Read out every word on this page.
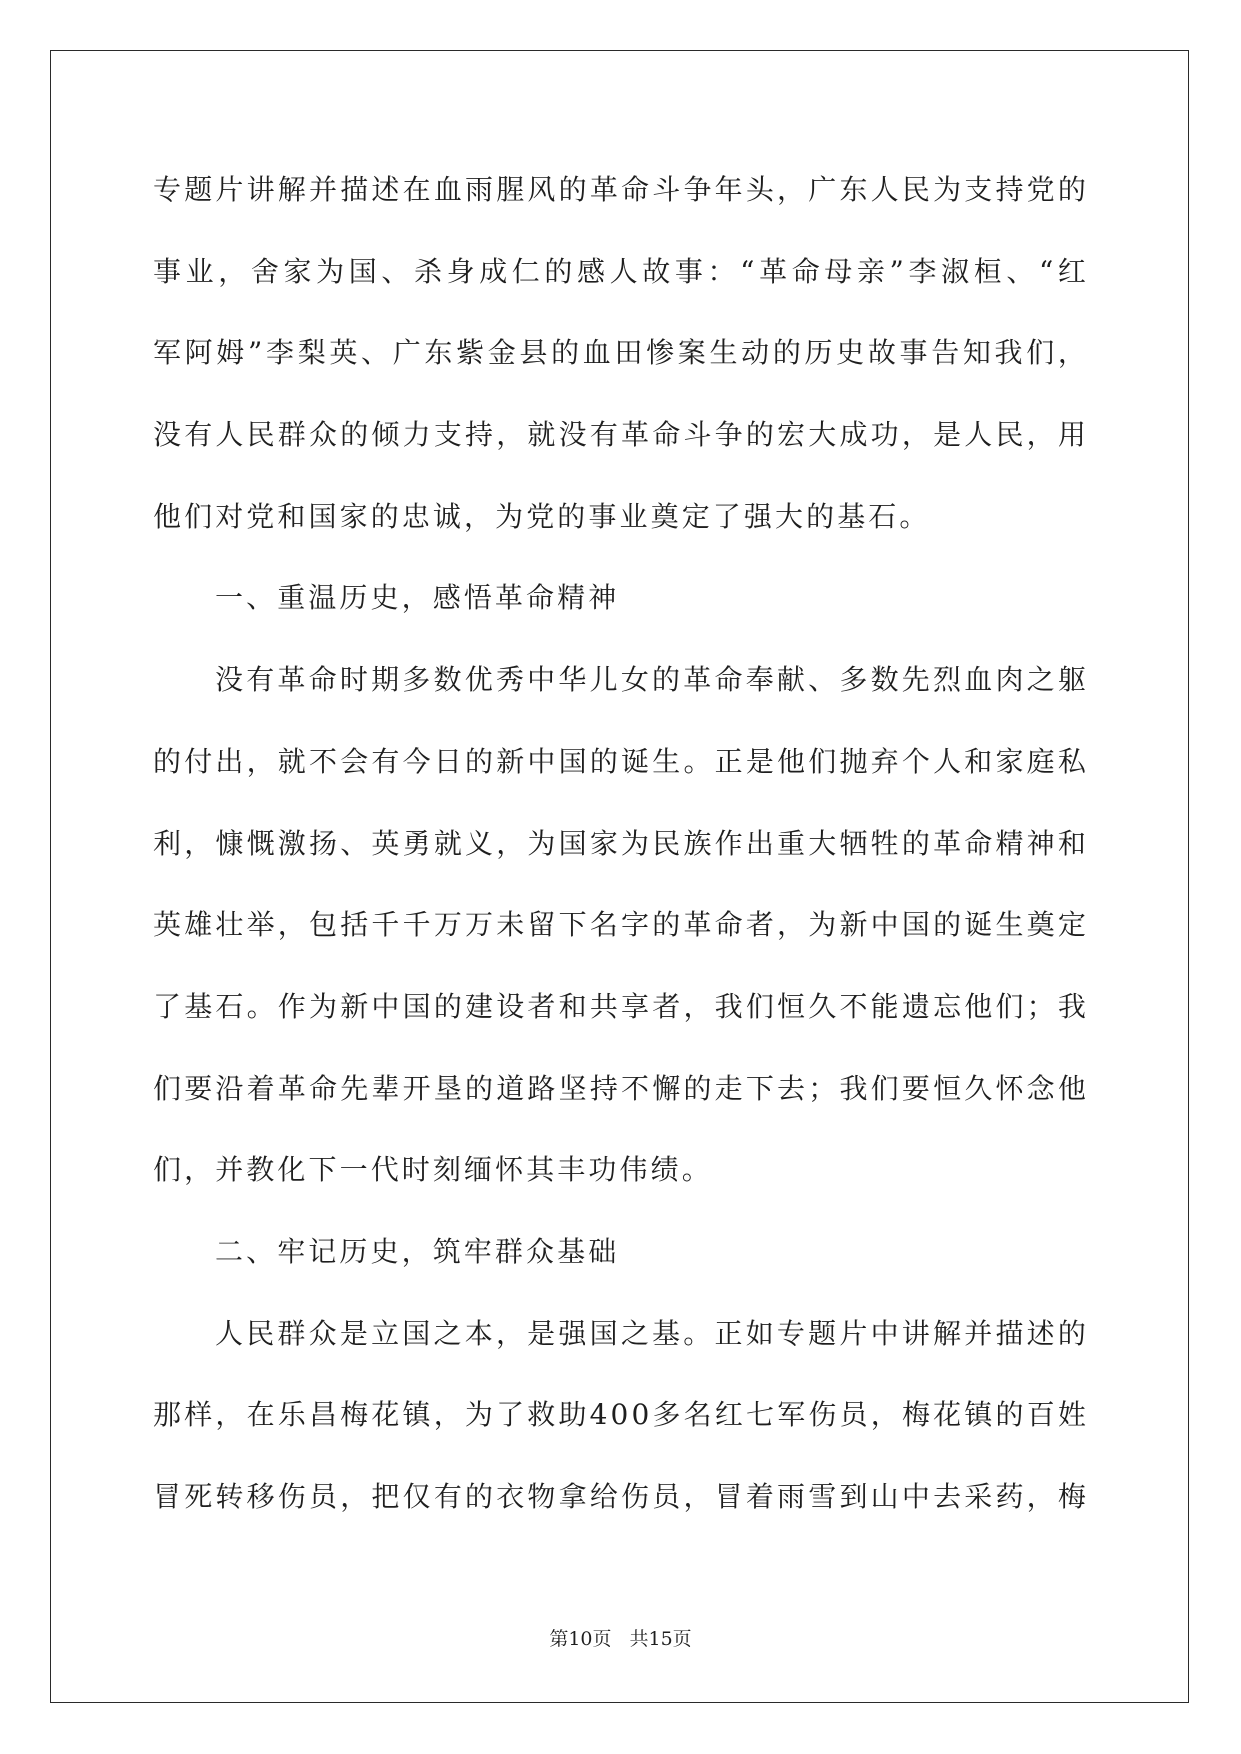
专题片讲解并描述在血雨腥风的革命斗争年头，广东人民为支持党的
事业，舍家为国、杀身成仁的感人故事：“革命母亲”李淑桓、“红
军阿姆”李梨英、广东紫金县的血田惨案生动的历史故事告知我们，
没有人民群众的倾力支持，就没有革命斗争的宏大成功，是人民，用
他们对党和国家的忠诚，为党的事业奠定了强大的基石。
一、重温历史，感悟革命精神
没有革命时期多数优秀中华儿女的革命奉献、多数先烈血肉之躯
的付出，就不会有今日的新中国的诞生。正是他们抛弃个人和家庭私
利，慷慨激扬、英勇就义，为国家为民族作出重大牺牲的革命精神和
英雄壮举，包括千千万万未留下名字的革命者，为新中国的诞生奠定
了基石。作为新中国的建设者和共享者，我们恒久不能遗忘他们；我
们要沿着革命先辈开垦的道路坚持不懈的走下去；我们要恒久怀念他
们，并教化下一代时刻缅怀其丰功伟绩。
二、牢记历史，筑牢群众基础
人民群众是立国之本，是强国之基。正如专题片中讲解并描述的
那样，在乐昌梅花镇，为了救助400多名红七军伤员，梅花镇的百姓
冒死转移伤员，把仅有的衣物拿给伤员，冒着雨雪到山中去采药，梅
第10页 共15页
